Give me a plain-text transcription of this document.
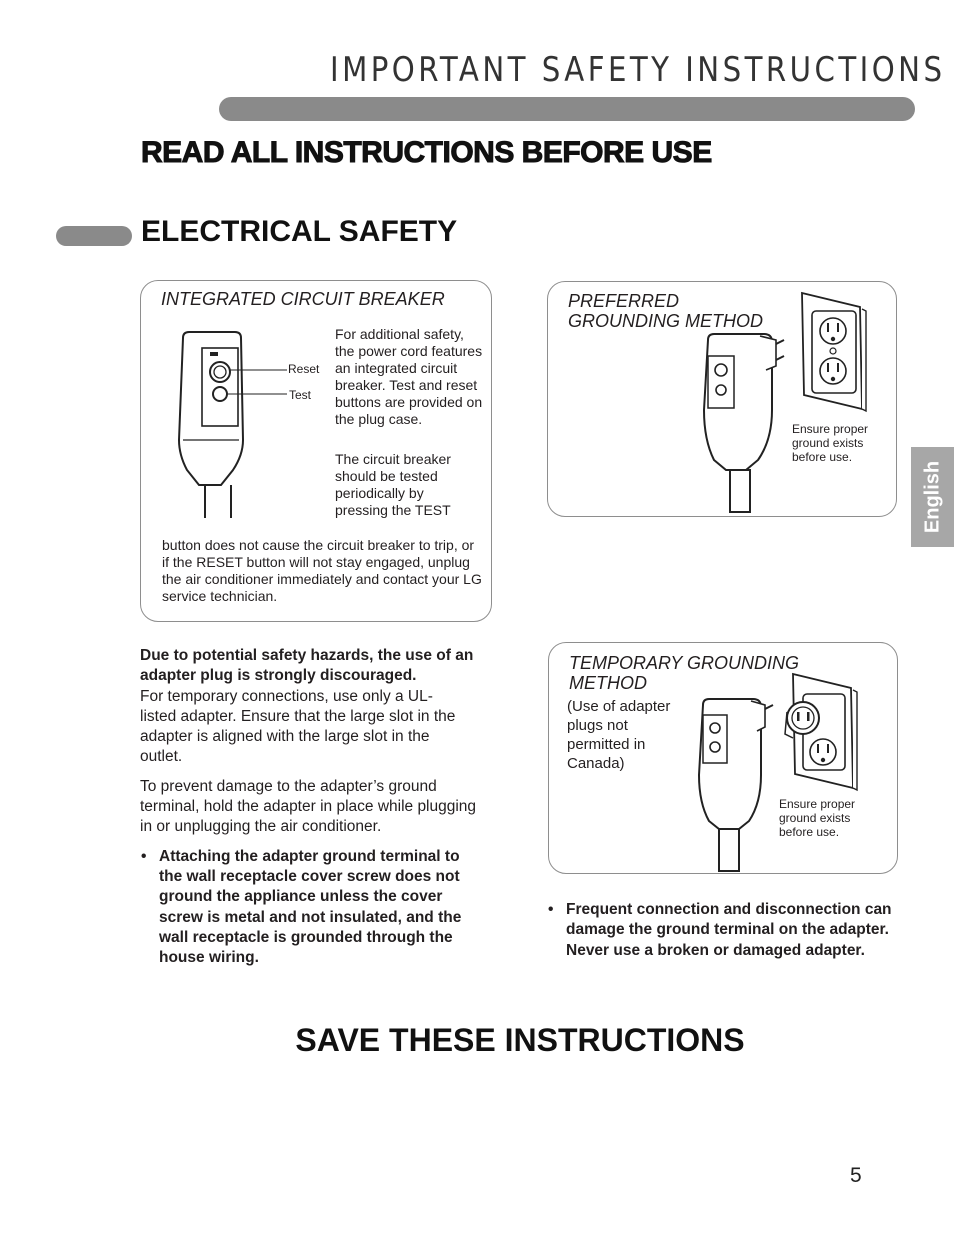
IMPORTANT SAFETY INSTRUCTIONS
READ ALL INSTRUCTIONS BEFORE USE
ELECTRICAL SAFETY
INTEGRATED CIRCUIT BREAKER
Reset
Test
For additional safety, the power cord features an integrated circuit breaker. Test and reset buttons are provided on the plug case.
The circuit breaker should be tested periodically by pressing the TEST
button does not cause the circuit breaker to trip, or if the RESET button will not stay engaged, unplug the air conditioner immediately and contact your LG service technician.
PREFERRED
GROUNDING METHOD
Ensure proper ground exists before use.
TEMPORARY GROUNDING
METHOD
(Use of adapter plugs not permitted in Canada)
Ensure proper ground exists before use.
Due to potential safety hazards, the use of an adapter plug is strongly discouraged.
For temporary connections, use only a UL-listed adapter. Ensure that the large slot in the adapter is aligned with the large slot in the outlet.
To prevent damage to the adapter’s ground terminal, hold the adapter in place while plugging in or unplugging the air conditioner.
• Attaching the adapter ground terminal to the wall receptacle cover screw does not ground the appliance unless the cover screw is metal and not insulated, and the wall receptacle is grounded through the house wiring.
• Frequent connection and disconnection can damage the ground terminal on the adapter. Never use a broken or damaged adapter.
SAVE THESE INSTRUCTIONS
5
English
